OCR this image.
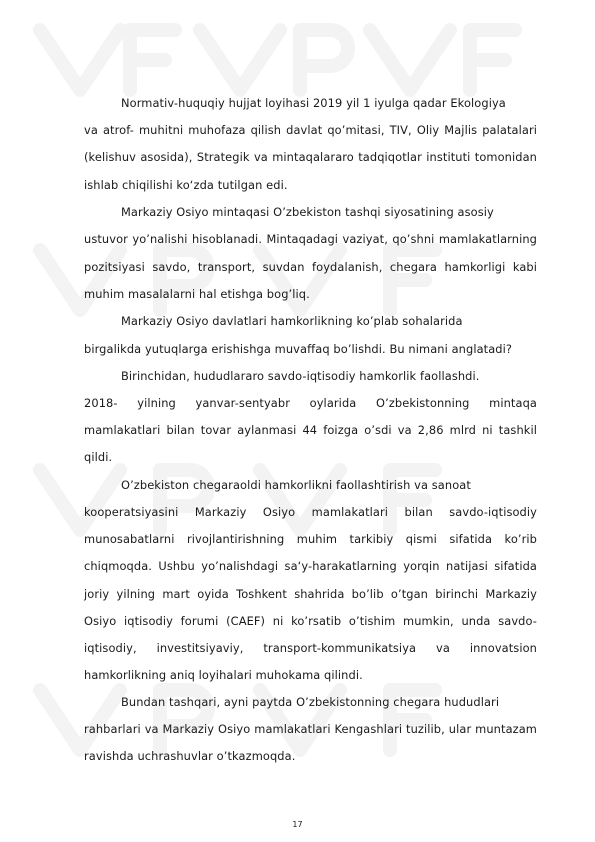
Normativ-huquqiy hujjat loyihasi 2019 yil 1 iyulga qadar Ekologiya
va atrof- muhitni muhofaza qilish davlat qo’mitasi, TIV, Oliy Majlis palatalari (kelishuv asosida), Strategik va mintaqalararo tadqiqotlar instituti tomonidan ishlab chiqilishi ko‘zda tutilgan edi.
Markaziy Osiyo mintaqasi O’zbekiston tashqi siyosatining asosiy
ustuvor yo’nalishi hisoblanadi. Mintaqadagi vaziyat, qo’shni mamlakatlarning pozitsiyasi savdo, transport, suvdan foydalanish, chegara hamkorligi kabi muhim masalalarni hal etishga bog’liq.
Markaziy Osiyo davlatlari hamkorlikning ko’plab sohalarida
birgalikda yutuqlarga erishishga muvaffaq bo’lishdi. Bu nimani anglatadi?
Birinchidan, hududlararo savdo-iqtisodiy hamkorlik faollashdi.
2018- yilning yanvar-sentyabr oylarida O’zbekistonning mintaqa mamlakatlari bilan tovar aylanmasi 44 foizga o’sdi va 2,86 mlrd ni tashkil qildi.
O’zbekiston chegaraoldi hamkorlikni faollashtirish va sanoat
kooperatsiyasini Markaziy Osiyo mamlakatlari bilan savdo-iqtisodiy munosabatlarni rivojlantirishning muhim tarkibiy qismi sifatida ko’rib chiqmoqda. Ushbu yo’nalishdagi sa‘y-harakatlarning yorqin natijasi sifatida joriy yilning mart oyida Toshkent shahrida bo’lib o’tgan birinchi Markaziy Osiyo iqtisodiy forumi (CAEF) ni ko’rsatib o’tishim mumkin, unda savdo-iqtisodiy, investitsiyaviy, transport-kommunikatsiya va innovatsion hamkorlikning aniq loyihalari muhokama qilindi.
Bundan tashqari, ayni paytda O’zbekistonning chegara hududlari
rahbarlari va Markaziy Osiyo mamlakatlari Kengashlari tuzilib, ular muntazam ravishda uchrashuvlar o’tkazmoqda.
17
